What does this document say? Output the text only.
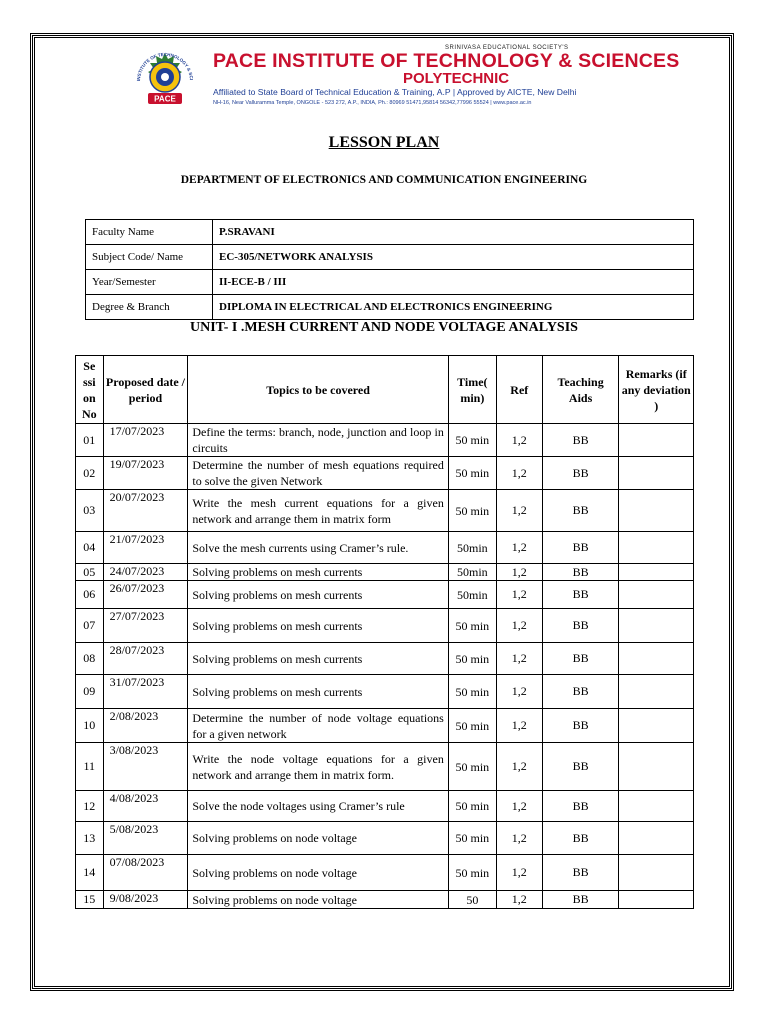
INSTITUTE OF TECHNOLOGY & SCI
PACE
SRINIVASA EDUCATIONAL SOCIETY'S
PACE INSTITUTE OF TECHNOLOGY & SCIENCES
POLYTECHNIC
Affiliated to State Board of Technical Education & Training, A.P | Approved by AICTE, New Delhi
NH-16, Near Valluramma Temple, ONGOLE - 523 272, A.P., INDIA, Ph.: 80969 51471,95814 56342,77996 55524 | www.pace.ac.in
LESSON PLAN
DEPARTMENT OF ELECTRONICS AND COMMUNICATION ENGINEERING
Faculty Name	P.SRAVANI
Subject Code/ Name	EC-305/NETWORK ANALYSIS
Year/Semester	II-ECE-B / III
Degree & Branch	DIPLOMA IN ELECTRICAL AND ELECTRONICS ENGINEERING
UNIT- I .MESH CURRENT AND NODE VOLTAGE ANALYSIS
Se ssi on No	Proposed date / period	Topics to be covered	Time( min)	Ref	Teaching Aids	Remarks (if any deviation )
01	17/07/2023	Define the terms: branch, node, junction and loop in circuits	50 min	1,2	BB	
02	19/07/2023	Determine the number of mesh equations required to solve the given Network	50 min	1,2	BB	
03	20/07/2023	Write the mesh current equations for a given network and arrange them in matrix form	50 min	1,2	BB	
04	21/07/2023	Solve the mesh currents using Cramer’s rule.	50min	1,2	BB	
05	24/07/2023	Solving problems on mesh currents	50min	1,2	BB	
06	26/07/2023	Solving problems on mesh currents	50min	1,2	BB	
07	27/07/2023	Solving problems on mesh currents	50 min	1,2	BB	
08	28/07/2023	Solving problems on mesh currents	50 min	1,2	BB	
09	31/07/2023	Solving problems on mesh currents	50 min	1,2	BB	
10	2/08/2023	Determine the number of node voltage equations for a given network	50 min	1,2	BB	
11	3/08/2023	Write the node voltage equations for a given network and arrange them in matrix form.	50 min	1,2	BB	
12	4/08/2023	Solve the node voltages using Cramer’s rule	50 min	1,2	BB	
13	5/08/2023	Solving problems on node voltage	50 min	1,2	BB	
14	07/08/2023	Solving problems on node voltage	50 min	1,2	BB	
15	9/08/2023	Solving problems on node voltage	50	1,2	BB	
